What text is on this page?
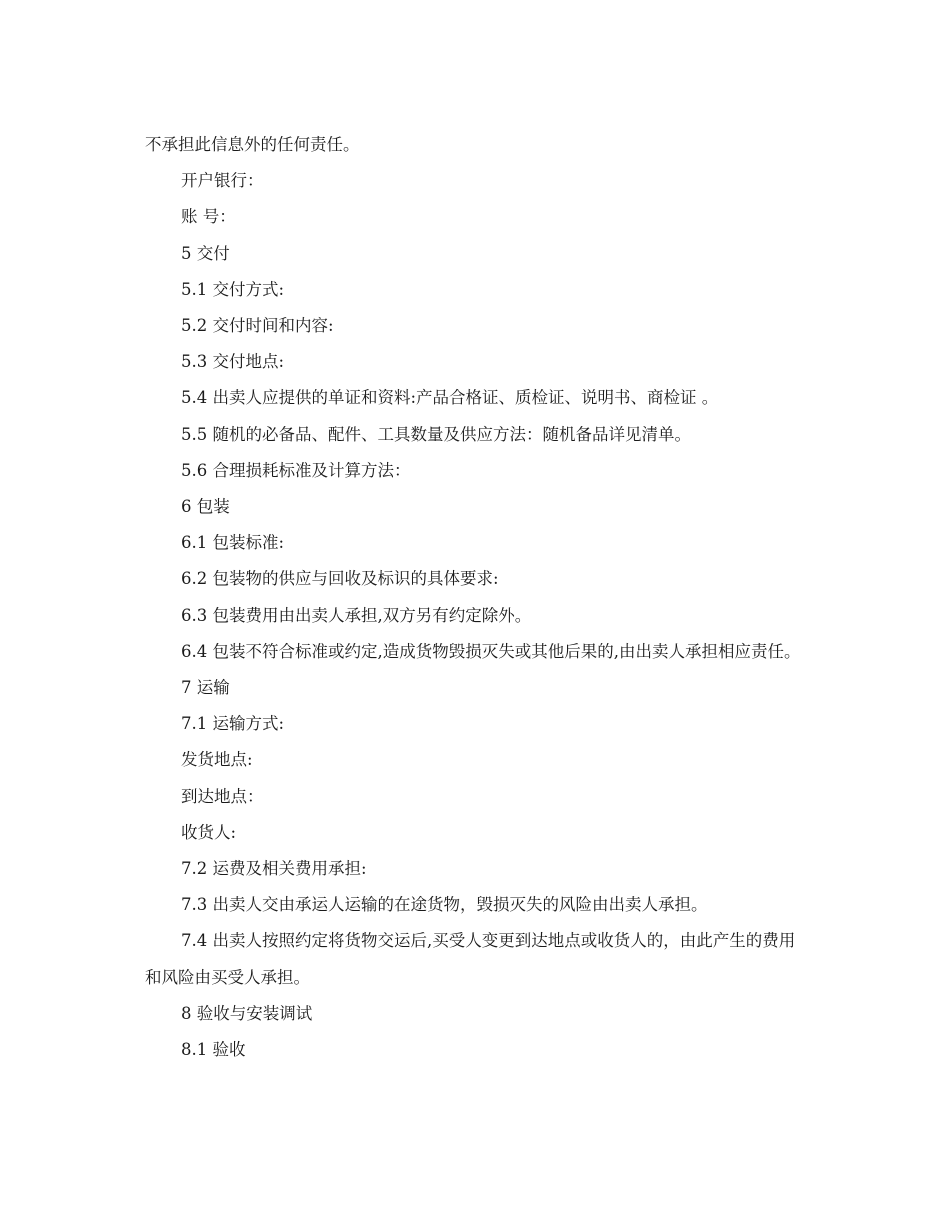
不承担此信息外的任何责任。

开户银行：

账 号：

5 交付

5.1 交付方式:

5.2 交付时间和内容:

5.3 交付地点:

5.4 出卖人应提供的单证和资料:产品合格证、质检证、说明书、商检证 。

5.5 随机的必备品、配件、工具数量及供应方法：随机备品详见清单。

5.6 合理损耗标准及计算方法：

6 包装

6.1 包装标准:

6.2 包装物的供应与回收及标识的具体要求:

6.3 包装费用由出卖人承担,双方另有约定除外。

6.4 包装不符合标准或约定,造成货物毁损灭失或其他后果的,由出卖人承担相应责任。

7 运输

7.1 运输方式:

发货地点:

到达地点：

收货人:

7.2 运费及相关费用承担:

7.3 出卖人交由承运人运输的在途货物，毁损灭失的风险由出卖人承担。

7.4 出卖人按照约定将货物交运后,买受人变更到达地点或收货人的，由此产生的费用和风险由买受人承担。

8 验收与安装调试

8.1 验收
